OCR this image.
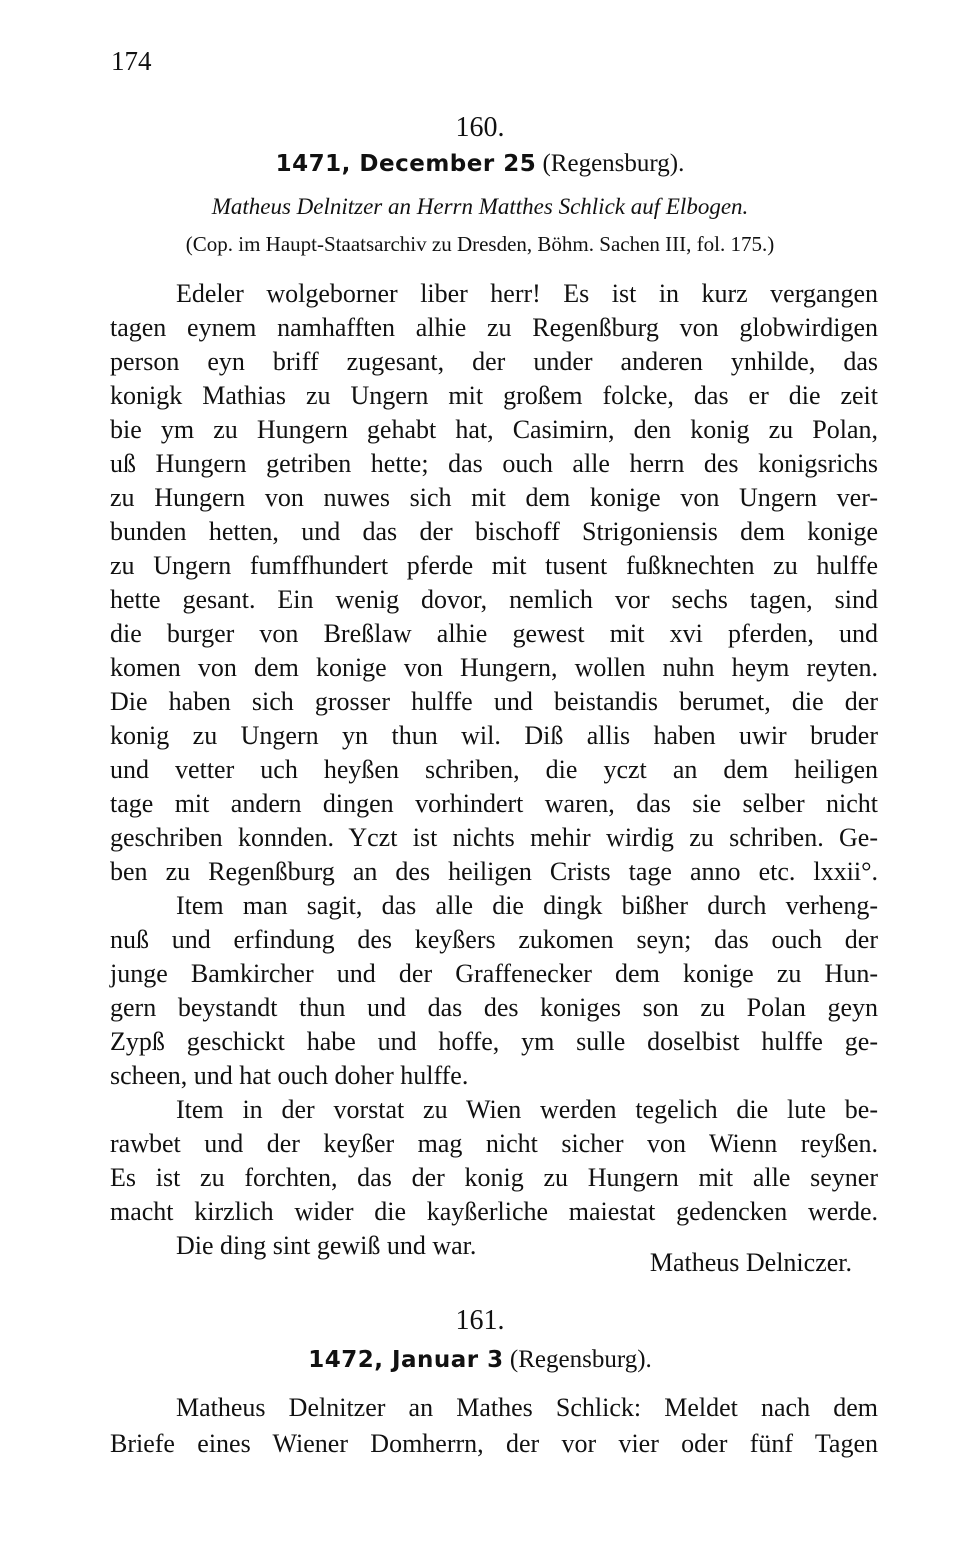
174
160.
1471, December 25 (Regensburg).
Matheus Delnitzer an Herrn Matthes Schlick auf Elbogen.
(Cop. im Haupt-Staatsarchiv zu Dresden, Böhm. Sachen III, fol. 175.)
Edeler wolgeborner liber herr! Es ist in kurz vergangen
tagen eynem namhafften alhie zu Regenßburg von globwirdigen
person eyn briff zugesant, der under anderen ynhilde, das
konigk Mathias zu Ungern mit großem folcke, das er die zeit
bie ym zu Hungern gehabt hat, Casimirn, den konig zu Polan,
uß Hungern getriben hette; das ouch alle herrn des konigsrichs
zu Hungern von nuwes sich mit dem konige von Ungern ver-
bunden hetten, und das der bischoff Strigoniensis dem konige
zu Ungern fumffhundert pferde mit tusent fußknechten zu hulffe
hette gesant. Ein wenig dovor, nemlich vor sechs tagen, sind
die burger von Breßlaw alhie gewest mit xvi pferden, und
komen von dem konige von Hungern, wollen nuhn heym reyten.
Die haben sich grosser hulffe und beistandis berumet, die der
konig zu Ungern yn thun wil. Diß allis haben uwir bruder
und vetter uch heyßen schriben, die yczt an dem heiligen
tage mit andern dingen vorhindert waren, das sie selber nicht
geschriben konnden. Yczt ist nichts mehir wirdig zu schriben. Ge-
ben zu Regenßburg an des heiligen Crists tage anno etc. lxxii°.
Item man sagit, das alle die dingk bißher durch verheng-
nuß und erfindung des keyßers zukomen seyn; das ouch der
junge Bamkircher und der Graffenecker dem konige zu Hun-
gern beystandt thun und das des koniges son zu Polan geyn
Zypß geschickt habe und hoffe, ym sulle doselbist hulffe ge-
scheen, und hat ouch doher hulffe.
Item in der vorstat zu Wien werden tegelich die lute be-
rawbet und der keyßer mag nicht sicher von Wienn reyßen.
Es ist zu forchten, das der konig zu Hungern mit alle seyner
macht kirzlich wider die kayßerliche maiestat gedencken werde.
Die ding sint gewiß und war.
Matheus Delniczer.
161.
1472, Januar 3 (Regensburg).
Matheus Delnitzer an Mathes Schlick: Meldet nach dem
Briefe eines Wiener Domherrn, der vor vier oder fünf Tagen
